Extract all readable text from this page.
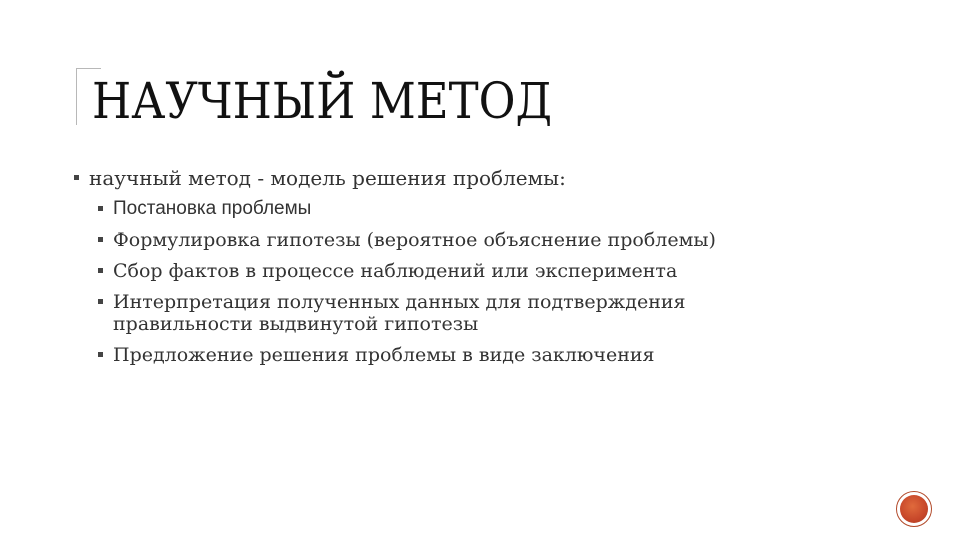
НАУЧНЫЙ МЕТОД
научный метод - модель решения проблемы:
Постановка проблемы
Формулировка гипотезы (вероятное объяснение проблемы)
Сбор фактов в процессе наблюдений или эксперимента
Интерпретация полученных данных для подтверждения правильности выдвинутой гипотезы
Предложение решения проблемы в виде заключения
